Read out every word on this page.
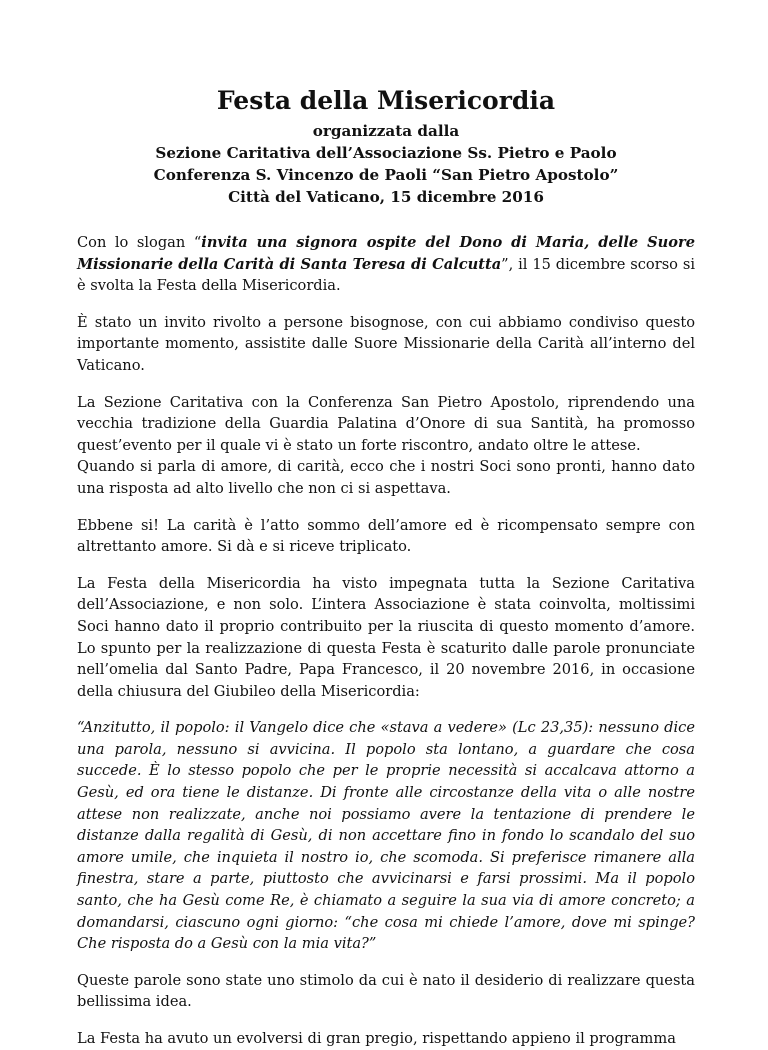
Festa della Misericordia
organizzata dalla
Sezione Caritativa dell’Associazione Ss. Pietro e Paolo
Conferenza S. Vincenzo de Paoli “San Pietro Apostolo”
Città del Vaticano, 15 dicembre 2016

Con lo slogan “invita una signora ospite del Dono di Maria, delle Suore Missionarie della Carità di Santa Teresa di Calcutta”, il 15 dicembre scorso si è svolta la Festa della Misericordia.

È stato un invito rivolto a persone bisognose, con cui abbiamo condiviso questo importante momento, assistite dalle Suore Missionarie della Carità all’interno del Vaticano.

La Sezione Caritativa con la Conferenza San Pietro Apostolo, riprendendo una vecchia tradizione della Guardia Palatina d’Onore di sua Santità, ha promosso quest’evento per il quale vi è stato un forte riscontro, andato oltre le attese.

Quando si parla di amore, di carità, ecco che i nostri Soci sono pronti, hanno dato una risposta ad alto livello che non ci si aspettava.

Ebbene si! La carità è l’atto sommo dell’amore ed è ricompensato sempre con altrettanto amore. Si dà e si riceve triplicato.

La Festa della Misericordia ha visto impegnata tutta la Sezione Caritativa dell’Associazione, e non solo. L’intera Associazione è stata coinvolta, moltissimi Soci hanno dato il proprio contribuito per la riuscita di questo momento d’amore. Lo spunto per la realizzazione di questa Festa è scaturito dalle parole pronunciate nell’omelia dal Santo Padre, Papa Francesco, il 20 novembre 2016, in occasione della chiusura del Giubileo della Misericordia:

“Anzitutto, il popolo: il Vangelo dice che «stava a vedere» (Lc 23,35): nessuno dice una parola, nessuno si avvicina. Il popolo sta lontano, a guardare che cosa succede. È lo stesso popolo che per le proprie necessità si accalcava attorno a Gesù, ed ora tiene le distanze. Di fronte alle circostanze della vita o alle nostre attese non realizzate, anche noi possiamo avere la tentazione di prendere le distanze dalla regalità di Gesù, di non accettare fino in fondo lo scandalo del suo amore umile, che inquieta il nostro io, che scomoda. Si preferisce rimanere alla finestra, stare a parte, piuttosto che avvicinarsi e farsi prossimi. Ma il popolo santo, che ha Gesù come Re, è chiamato a seguire la sua via di amore concreto; a domandarsi, ciascuno ogni giorno: “che cosa mi chiede l’amore, dove mi spinge? Che risposta do a Gesù con la mia vita?”

Queste parole sono state uno stimolo da cui è nato il desiderio di realizzare questa bellissima idea.

La Festa ha avuto un evolversi di gran pregio, rispettando appieno il programma
